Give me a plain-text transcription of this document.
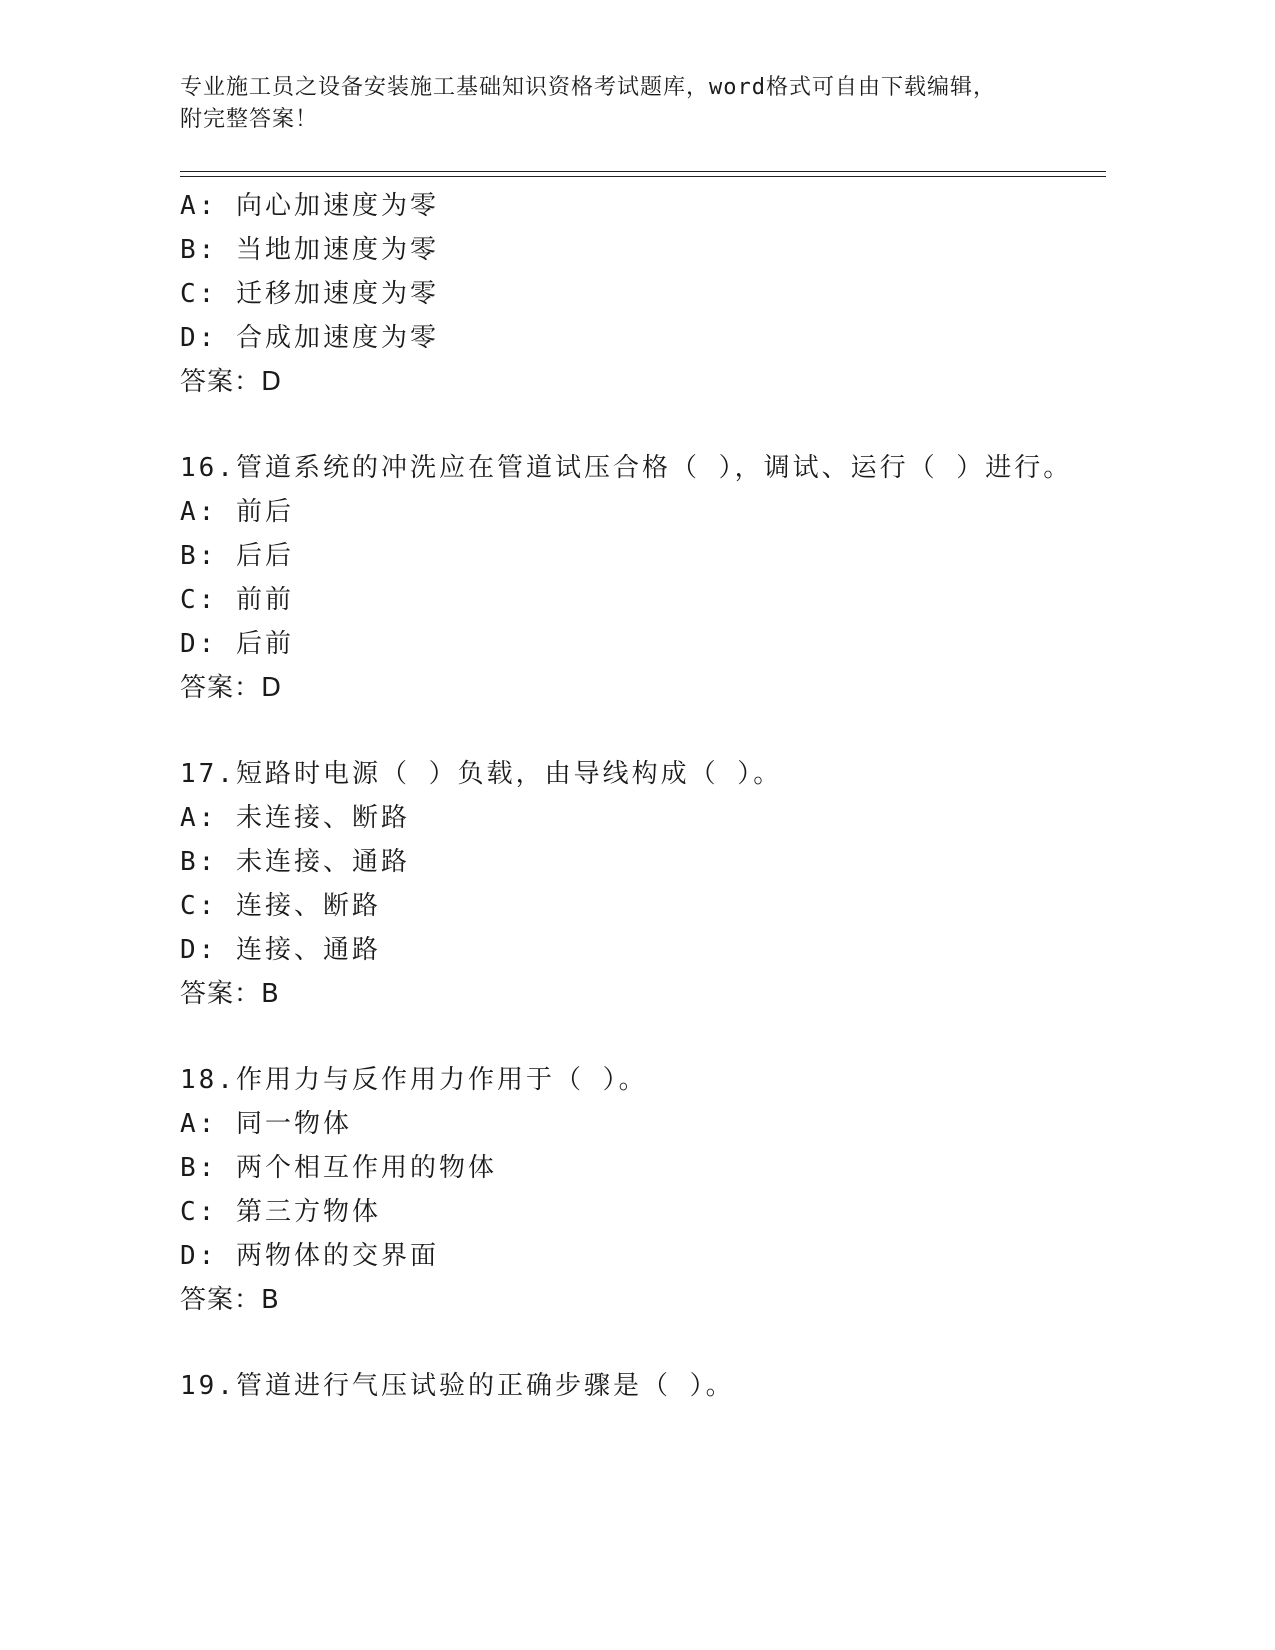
专业施工员之设备安装施工基础知识资格考试题库，word格式可自由下载编辑，
附完整答案！
A: 向心加速度为零
B: 当地加速度为零
C: 迁移加速度为零
D: 合成加速度为零
答案：D
16.管道系统的冲洗应在管道试压合格（ ），调试、运行（ ）进行。
A: 前后
B: 后后
C: 前前
D: 后前
答案：D
17.短路时电源（ ）负载，由导线构成（ ）。
A: 未连接、断路
B: 未连接、通路
C: 连接、断路
D: 连接、通路
答案：B
18.作用力与反作用力作用于（ ）。
A: 同一物体
B: 两个相互作用的物体
C: 第三方物体
D: 两物体的交界面
答案：B
19.管道进行气压试验的正确步骤是（ ）。
